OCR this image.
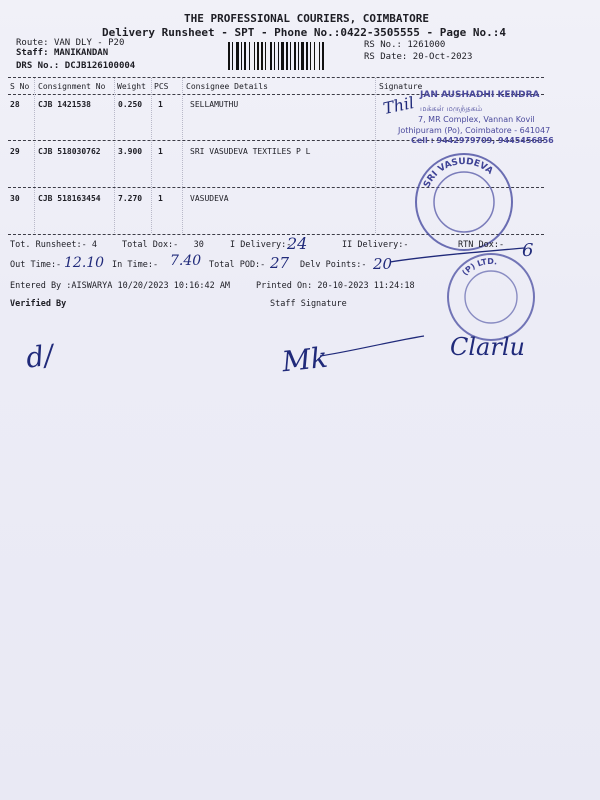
THE PROFESSIONAL COURIERS, COIMBATORE
Delivery Runsheet - SPT - Phone No.:0422-3505555 - Page No.:4
Route: VAN DLY - P20
Staff: MANIKANDAN
DRS No.: DCJB126100004
RS No.: 1261000
RS Date: 20-Oct-2023
S No Consignment No Weight PCS Consignee Details	Signature
28 CJB 1421538	0.250 1	SELLAMUTHU
29 CJB 518030762 3.900 1	SRI VASUDEVA TEXTILES P L
30 CJB 518163454 7.270 1	VASUDEVA
JAN AUSHADHI KENDRA
மக்கள் மருந்தகம்
7, MR Complex, Vannan Kovil
Jothipuram (Po), Coimbatore - 641047
Cell : 9442979709, 9445456856
Thil
SRI VASUDEVA
(P) LTD.
Tot. Runsheet:- 4	Total Dox:- 30	I Delivery:-
24	II Delivery:-	RTN Dox:- 6
Out Time:- 12.10 In Time:- 7.40 Total POD:- 27 Delv Points:- 20
Entered By :AISWARYA 10/20/2023 10:16:42 AM	Printed On: 20-10-2023 11:24:18
Verified By	Staff Signature
d/	Mk	Clarlu
